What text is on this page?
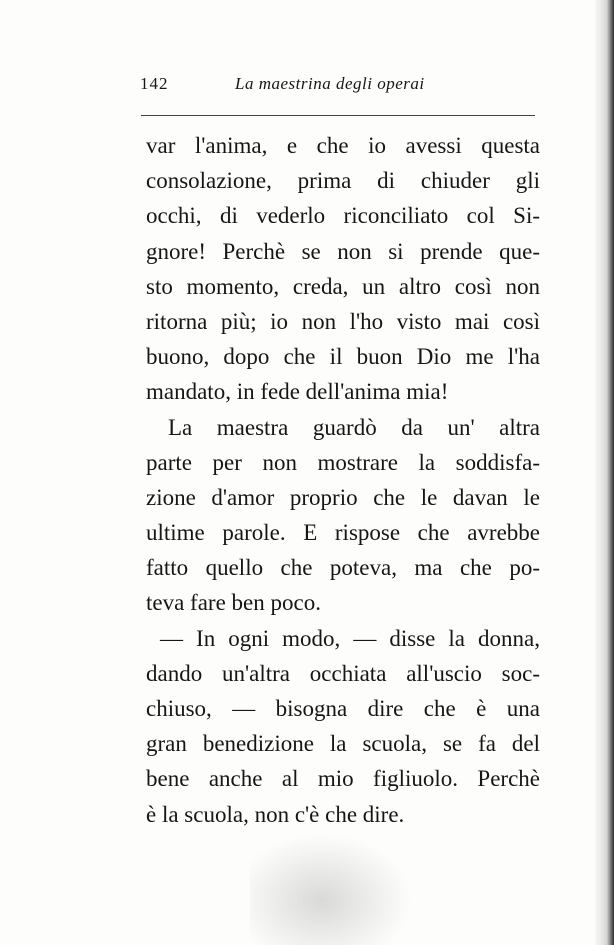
142	La maestrina degli operai
var l'anima, e che io avessi questa
consolazione, prima di chiuder gli
occhi, di vederlo riconciliato col Si-
gnore! Perchè se non si prende que-
sto momento, creda, un altro così non
ritorna più; io non l'ho visto mai così
buono, dopo che il buon Dio me l'ha
mandato, in fede dell'anima mia!
La maestra guardò da un' altra
parte per non mostrare la soddisfa-
zione d'amor proprio che le davan le
ultime parole. E rispose che avrebbe
fatto quello che poteva, ma che po-
teva fare ben poco.
— In ogni modo, — disse la donna,
dando un'altra occhiata all'uscio soc-
chiuso, — bisogna dire che è una
gran benedizione la scuola, se fa del
bene anche al mio figliuolo. Perchè
è la scuola, non c'è che dire.
